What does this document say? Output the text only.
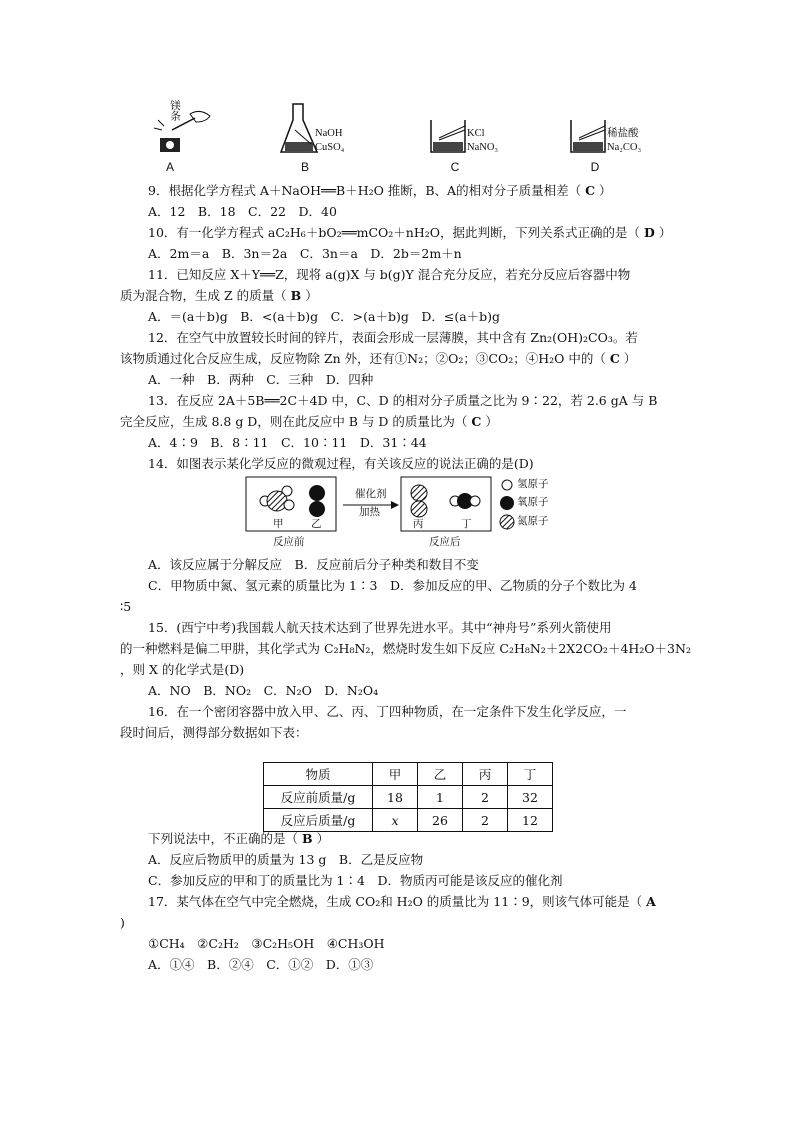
镁条
A
NaOH
CuSO₄
B
KCl
NaNO₃
C
稀盐酸
Na₂CO₃
D
9．根据化学方程式 A＋NaOH══B＋H₂O 推断，B、A的相对分子质量相差（ C ）
A．12　B．18　C．22　D．40
10．有一化学方程式 aC₂H₆＋bO₂══mCO₂＋nH₂O，据此判断，下列关系式正确的是（ D ）
A．2m＝a　B．3n＝2a　C．3n＝a　D．2b＝2m＋n
11．已知反应 X＋Y══Z，现将 a(g)X 与 b(g)Y 混合充分反应，若充分反应后容器中物
质为混合物，生成 Z 的质量（ B ）
A．＝(a＋b)g　B．<(a＋b)g　C．>(a＋b)g　D．≤(a＋b)g
12．在空气中放置较长时间的锌片，表面会形成一层薄膜，其中含有 Zn₂(OH)₂CO₃。若
该物质通过化合反应生成，反应物除 Zn 外，还有①N₂；②O₂；③CO₂；④H₂O 中的（ C ）
A．一种　B．两种　C．三种　D．四种
13．在反应 2A＋5B══2C＋4D 中，C、D 的相对分子质量之比为 9∶22，若 2.6 gA 与 B
完全反应，生成 8.8 g D，则在此反应中 B 与 D 的质量比为（ C ）
A．4∶9　B．8∶11　C．10∶11　D．31∶44
14．如图表示某化学反应的微观过程，有关该反应的说法正确的是(D)
甲	乙
催化剂
加热
丙	丁
反应前	反应后
氢原子
氧原子
氮原子
A．该反应属于分解反应　B．反应前后分子种类和数目不变
C．甲物质中氮、氢元素的质量比为 1∶3　D．参加反应的甲、乙物质的分子个数比为 4
∶5
15．(西宁中考)我国载人航天技术达到了世界先进水平。其中“神舟号”系列火箭使用
的一种燃料是偏二甲肼，其化学式为 C₂H₈N₂，燃烧时发生如下反应 C₂H₈N₂＋2X2CO₂＋4H₂O＋3N₂
，则 X 的化学式是(D)
A．NO　B．NO₂　C．N₂O　D．N₂O₄
16．在一个密闭容器中放入甲、乙、丙、丁四种物质，在一定条件下发生化学反应，一
段时间后，测得部分数据如下表：
物质	甲	乙	丙	丁
反应前质量/g	18	1	2	32
反应后质量/g	x	26	2	12
下列说法中，不正确的是（ B ）
A．反应后物质甲的质量为 13 g　B．乙是反应物
C．参加反应的甲和丁的质量比为 1∶4　D．物质丙可能是该反应的催化剂
17．某气体在空气中完全燃烧，生成 CO₂和 H₂O 的质量比为 11∶9，则该气体可能是（ A
)
①CH₄　②C₂H₂　③C₂H₅OH　④CH₃OH
A．①④　B．②④　C．①②　D．①③
